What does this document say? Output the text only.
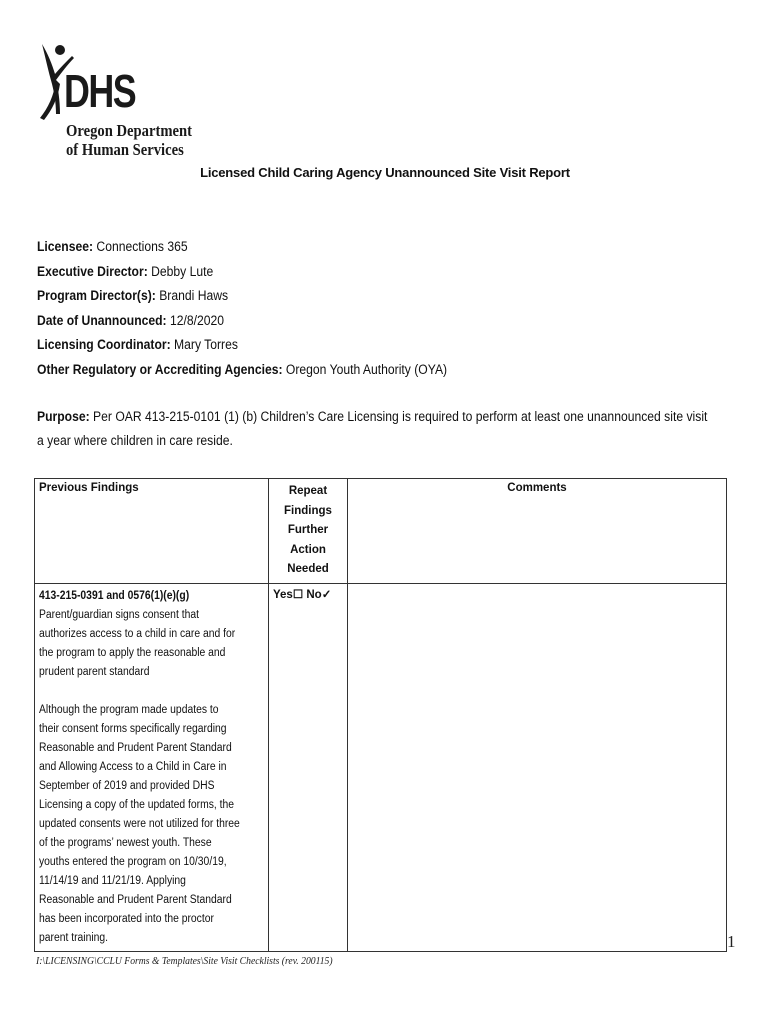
DHS
Oregon Department
of Human Services
Licensed Child Caring Agency Unannounced Site Visit Report
Licensee: Connections 365
Executive Director: Debby Lute
Program Director(s): Brandi Haws
Date of Unannounced: 12/8/2020
Licensing Coordinator: Mary Torres
Other Regulatory or Accrediting Agencies: Oregon Youth Authority (OYA)
Purpose: Per OAR 413-215-0101 (1) (b) Children’s Care Licensing is required to perform at least one unannounced site visit a year where children in care reside.
Previous Findings	Repeat Findings Further Action Needed	Comments

413-215-0391 and 0576(1)(e)(g)
Parent/guardian signs consent that authorizes access to a child in care and for the program to apply the reasonable and prudent parent standard
Although the program made updates to their consent forms specifically regarding Reasonable and Prudent Parent Standard and Allowing Access to a Child in Care in September of 2019 and provided DHS Licensing a copy of the updated forms, the updated consents were not utilized for three of the programs’ newest youth. These youths entered the program on 10/30/19, 11/14/19 and 11/21/19. Applying Reasonable and Prudent Parent Standard has been incorporated into the proctor parent training.	Yes☐ No✓	
1
I:\LICENSING\CCLU Forms & Templates\Site Visit Checklists (rev. 200115)
